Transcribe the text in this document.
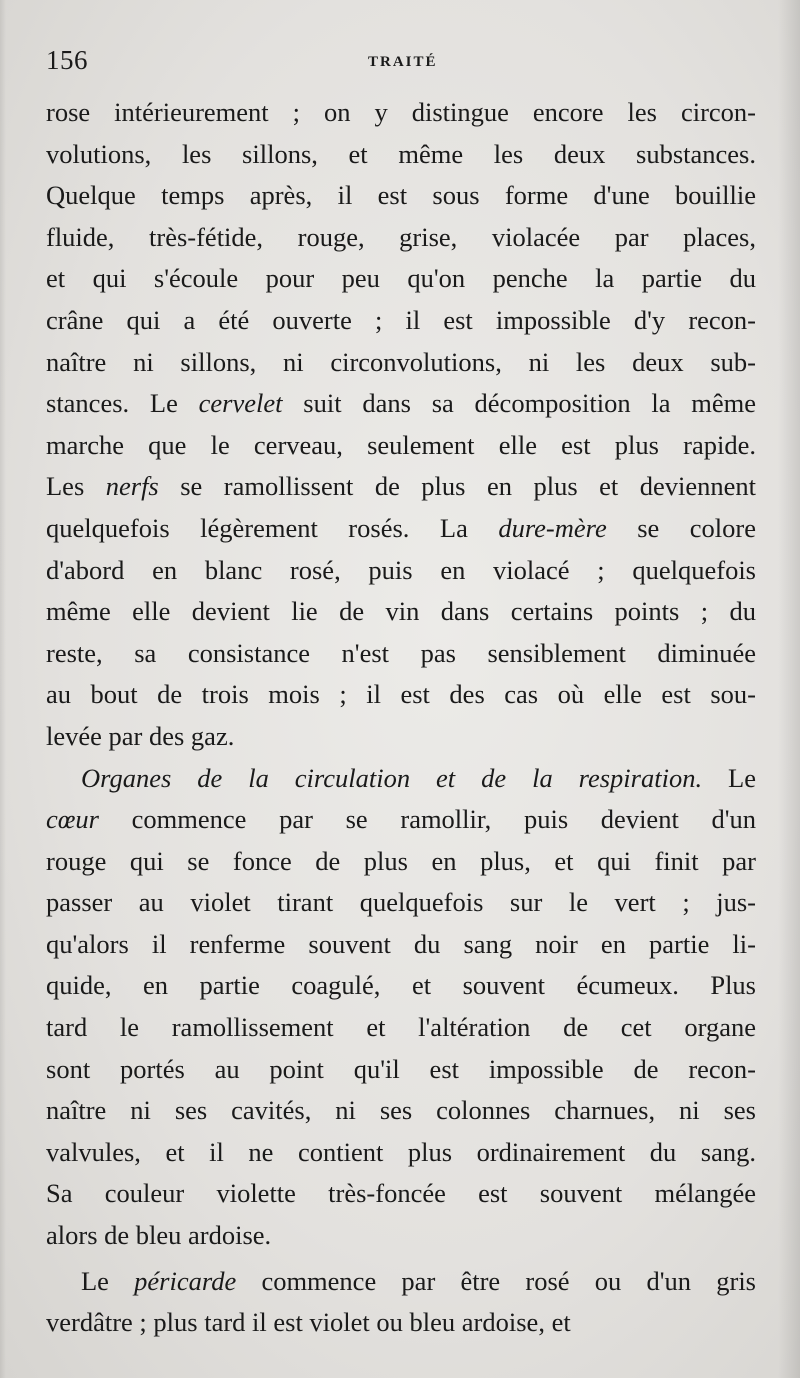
156	TRAITÉ
rose intérieurement ; on y distingue encore les circon-
volutions, les sillons, et même les deux substances.
Quelque temps après, il est sous forme d'une bouillie
fluide, très-fétide, rouge, grise, violacée par places,
et qui s'écoule pour peu qu'on penche la partie du
crâne qui a été ouverte ; il est impossible d'y recon-
naître ni sillons, ni circonvolutions, ni les deux sub-
stances. Le cervelet suit dans sa décomposition la même
marche que le cerveau, seulement elle est plus rapide.
Les nerfs se ramollissent de plus en plus et deviennent
quelquefois légèrement rosés. La dure-mère se colore
d'abord en blanc rosé, puis en violacé ; quelquefois
même elle devient lie de vin dans certains points ; du
reste, sa consistance n'est pas sensiblement diminuée
au bout de trois mois ; il est des cas où elle est sou-
levée par des gaz.
Organes de la circulation et de la respiration. Le
cœur commence par se ramollir, puis devient d'un
rouge qui se fonce de plus en plus, et qui finit par
passer au violet tirant quelquefois sur le vert ; jus-
qu'alors il renferme souvent du sang noir en partie li-
quide, en partie coagulé, et souvent écumeux. Plus
tard le ramollissement et l'altération de cet organe
sont portés au point qu'il est impossible de recon-
naître ni ses cavités, ni ses colonnes charnues, ni ses
valvules, et il ne contient plus ordinairement du sang.
Sa couleur violette très-foncée est souvent mélangée
alors de bleu ardoise.
Le péricarde commence par être rosé ou d'un gris
verdâtre ; plus tard il est violet ou bleu ardoise, et
